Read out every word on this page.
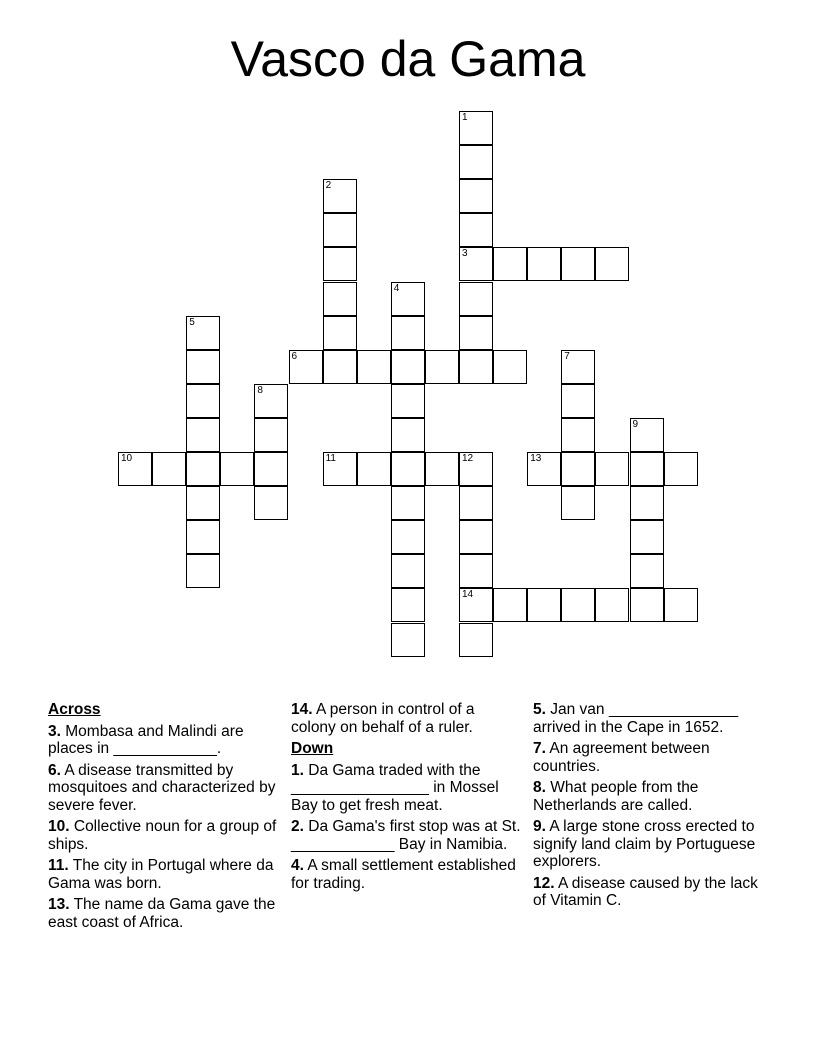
Vasco da Gama
1
3
2
4
5
6	7
8
9
10	11	12
14
13
Across
3. Mombasa and Malindi are places in ____________.
6. A disease transmitted by mosquitoes and characterized by severe fever.
10. Collective noun for a group of ships.
11. The city in Portugal where da Gama was born.
13. The name da Gama gave the east coast of Africa.
14. A person in control of a colony on behalf of a ruler.
Down
1. Da Gama traded with the ________________ in Mossel Bay to get fresh meat.
2. Da Gama's first stop was at St. ____________ Bay in Namibia.
4. A small settlement established for trading.
5. Jan van _______________ arrived in the Cape in 1652.
7. An agreement between countries.
8. What people from the Netherlands are called.
9. A large stone cross erected to signify land claim by Portuguese explorers.
12. A disease caused by the lack of Vitamin C.
